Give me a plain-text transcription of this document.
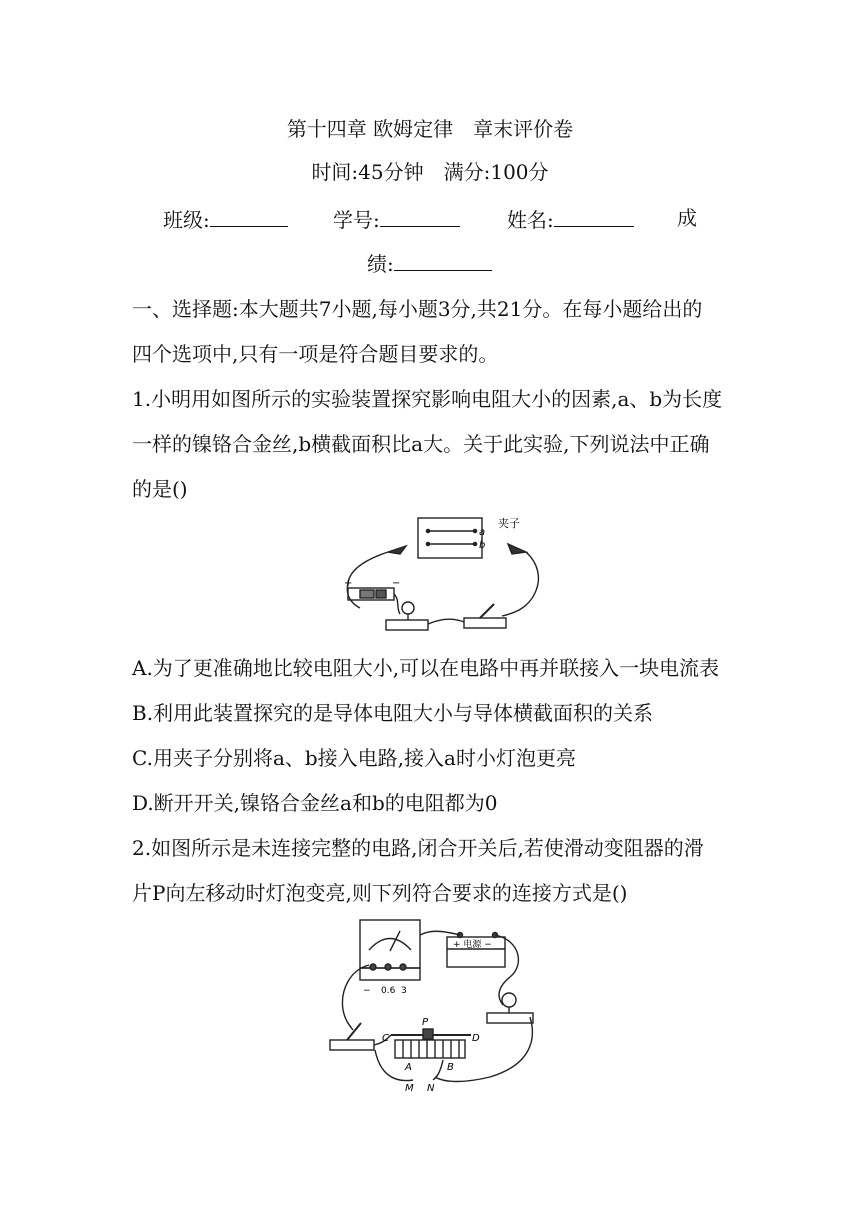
第十四章 欧姆定律　章末评价卷
时间:45分钟　满分:100分
班级:	学号:	姓名:	成
绩:
一、选择题:本大题共7小题,每小题3分,共21分。在每小题给出的
四个选项中,只有一项是符合题目要求的。
1.小明用如图所示的实验装置探究影响电阻大小的因素,a、b为长度
一样的镍铬合金丝,b横截面积比a大。关于此实验,下列说法中正确
的是()
a
b
夹子
+	−
A.为了更准确地比较电阻大小,可以在电路中再并联接入一块电流表
B.利用此装置探究的是导体电阻大小与导体横截面积的关系
C.用夹子分别将a、b接入电路,接入a时小灯泡更亮
D.断开开关,镍铬合金丝a和b的电阻都为0
2.如图所示是未连接完整的电路,闭合开关后,若使滑动变阻器的滑
片P向左移动时灯泡变亮,则下列符合要求的连接方式是()
− 0.6 3
+ 电源 −
P
C	D
A	B
M N
